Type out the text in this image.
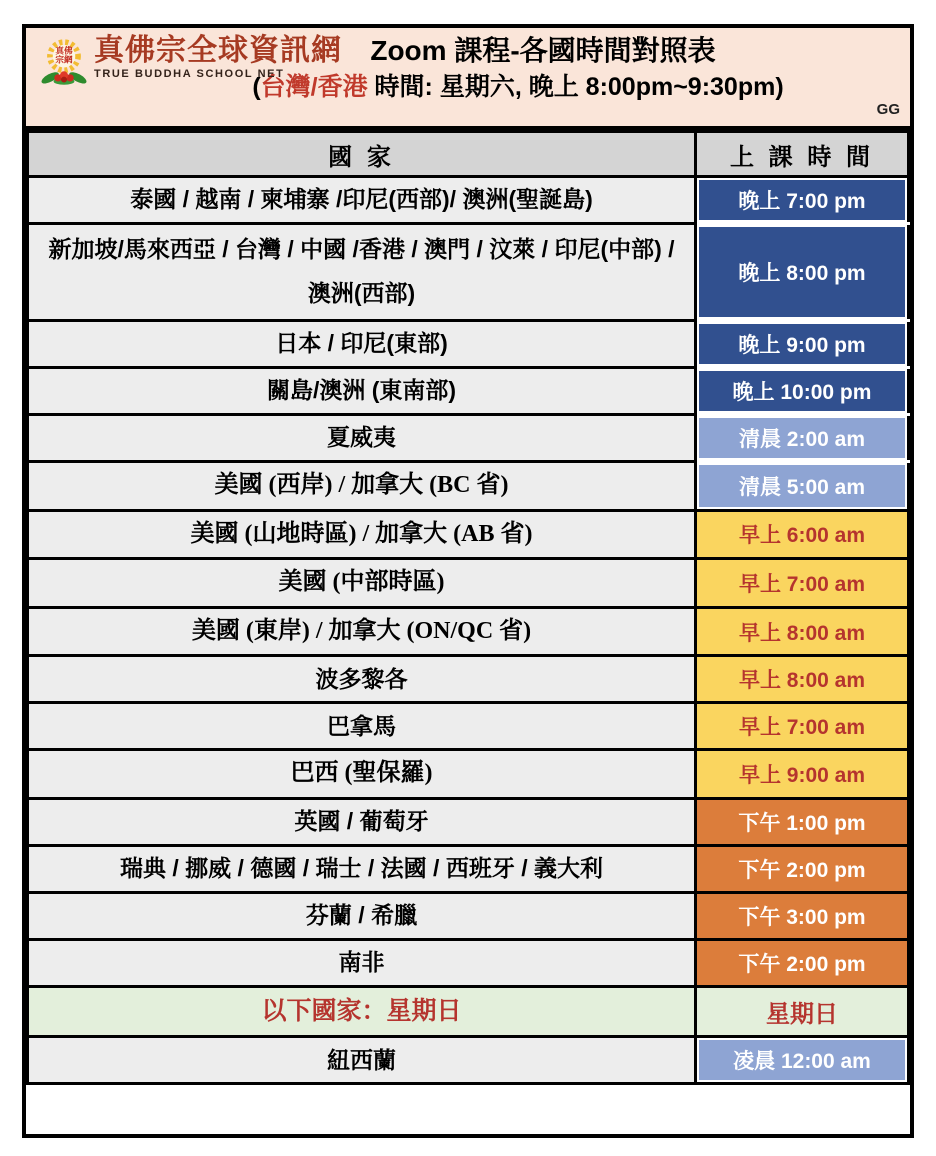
真佛
宗網 真佛宗全球資訊網
TRUE BUDDHA SCHOOL NET
Zoom 課程-各國時間對照表
(台灣/香港 時間: 星期六, 晚上 8:00pm~9:30pm)
GG
國 家	上 課 時 間
泰國 / 越南 / 柬埔寨 /印尼(西部)/ 澳洲(聖誕島)	晚上 7:00 pm

新加坡/馬來西亞 / 台灣 / 中國 /香港 / 澳門 / 汶萊 / 印尼(中部) / 澳洲(西部)	晚上 8:00 pm

日本 / 印尼(東部)	晚上 9:00 pm

關島/澳洲 (東南部)	晚上 10:00 pm

夏威夷	清晨 2:00 am

美國 (西岸) / 加拿大 (BC 省)	清晨 5:00 am

美國 (山地時區) / 加拿大 (AB 省)	早上 6:00 am

美國 (中部時區)	早上 7:00 am

美國 (東岸) / 加拿大 (ON/QC 省)	早上 8:00 am

波多黎各	早上 8:00 am

巴拿馬	早上 7:00 am

巴西 (聖保羅)	早上 9:00 am

英國 / 葡萄牙	下午 1:00 pm

瑞典 / 挪威 / 德國 / 瑞士 / 法國 / 西班牙 / 義大利	下午 2:00 pm

芬蘭 / 希臘	下午 3:00 pm

南非	下午 2:00 pm

以下國家：星期日	星期日

紐西蘭	凌晨 12:00 am
